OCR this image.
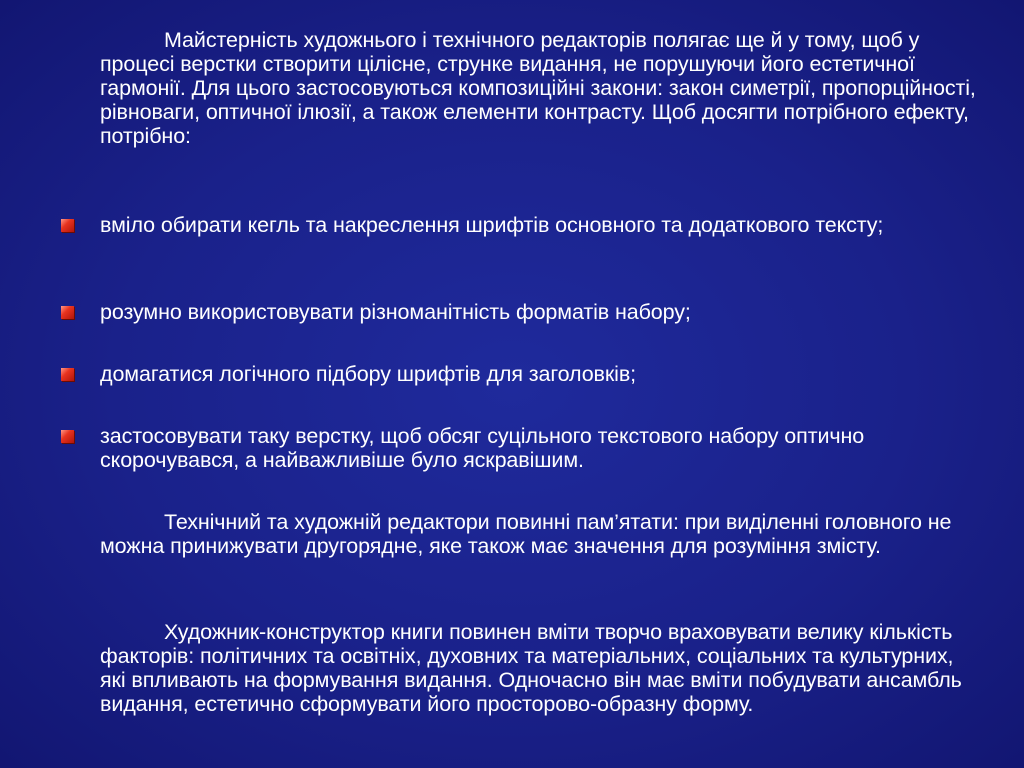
Майстерність художнього і технічного редакторів полягає ще й у тому, щоб у процесі верстки створити цілісне, струнке видання, не порушуючи його естетичної гармонії. Для цього застосовуються композиційні закони: закон симетрії, пропорційності, рівноваги, оптичної ілюзії, а також елементи контрасту. Щоб досягти потрібного ефекту, потрібно:

вміло обирати кегль та накреслення шрифтів основного та додаткового тексту;

розумно використовувати різноманітність форматів набору;

домагатися логічного підбору шрифтів для заголовків;

застосовувати таку верстку, щоб обсяг суцільного текстового набору оптично скорочувався, а найважливіше було яскравішим.

Технічний та художній редактори повинні пам’ятати: при виділенні головного не можна принижувати другорядне, яке також має значення для розуміння змісту.

Художник-конструктор книги повинен вміти творчо враховувати велику кількість факторів: політичних та освітніх, духовних та матеріальних, соціальних та культурних, які впливають на формування видання. Одночасно він має вміти побудувати ансамбль видання, естетично сформувати його просторово-образну форму.
